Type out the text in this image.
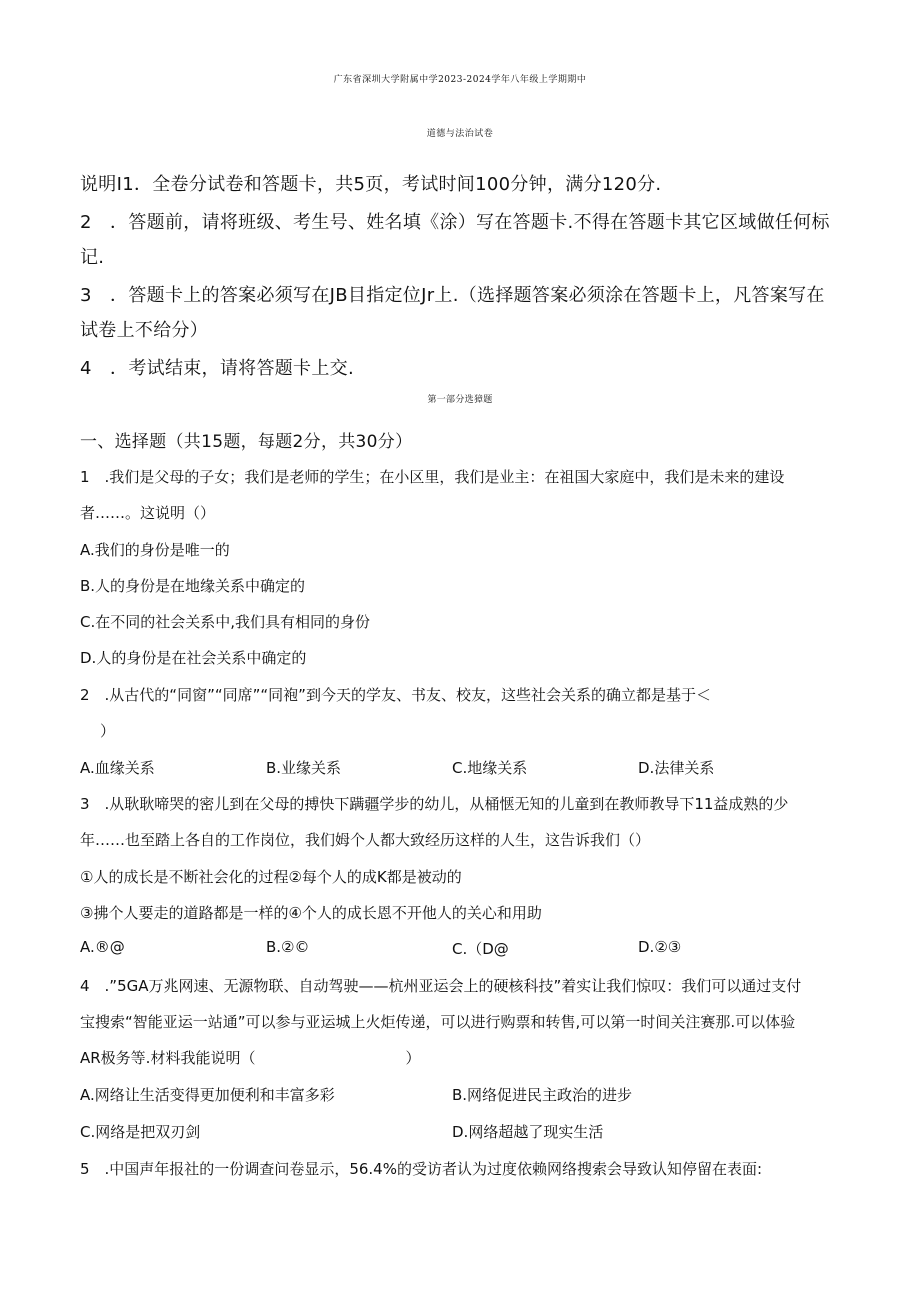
广东省深圳大学附属中学2023-2024学年八年级上学期期中
道德与法治试卷
说明I1．全卷分试卷和答题卡，共5页，考试时间100分钟，满分120分.
2　．答题前，请将班级、考生号、姓名填《涂）写在答题卡.不得在答题卡其它区域做任何标
记.
3　．答题卡上的答案必须写在JB目指定位Jr上.（选择题答案必须涂在答题卡上，凡答案写在
试卷上不给分）
4　．考试结束，请将答题卡上交.
第一部分选獐题
一、选择题（共15题，每题2分，共30分）
1　.我们是父母的子女；我们是老师的学生；在小区里，我们是业主：在祖国大家庭中，我们是未来的建设
者……。这说明（）
A.我们的身份是唯一的
B.人的身份是在地缘关系中确定的
C.在不同的社会关系中,我们具有相同的身份
D.人的身份是在社会关系中确定的
2　.从古代的“同窗”“同席”“同袍”到今天的学友、书友、校友，这些社会关系的确立都是基于＜
）
A.血缘关系	B.业缘关系	C.地缘关系	D.法律关系
3　.从耿耿啼哭的密儿到在父母的搏快下蹒疆学步的幼儿，从桶惬无知的儿童到在教师教导下11益成熟的少
年……也至踏上各自的工作岗位，我们姆个人都大致经历这样的人生，这告诉我们（）
①人的成长是不断社会化的过程②每个人的成K都是被动的
③拂个人要走的道路都是一样的④个人的成长恩不开他人的关心和用助
A.®@	B.②©	C.（D@	D.②③
4　.”5GA万兆网速、无源物联、自动驾驶——杭州亚运会上的硬核科技”着实让我们惊叹：我们可以通过支付
宝搜索“智能亚运一站通”可以参与亚运城上火炬传递，可以进行购票和转售,可以第一时间关注赛那.可以体验
AR极务等.材料我能说明（　　　　　　　　　　）
A.网络让生活变得更加便利和丰富多彩	B.网络促进民主政治的进步
C.网络是把双刃剑	D.网络超越了现实生活
5　.中国声年报社的一份调查问卷显示，56.4%的受访者认为过度依赖网络搜索会导致认知停留在表面:
